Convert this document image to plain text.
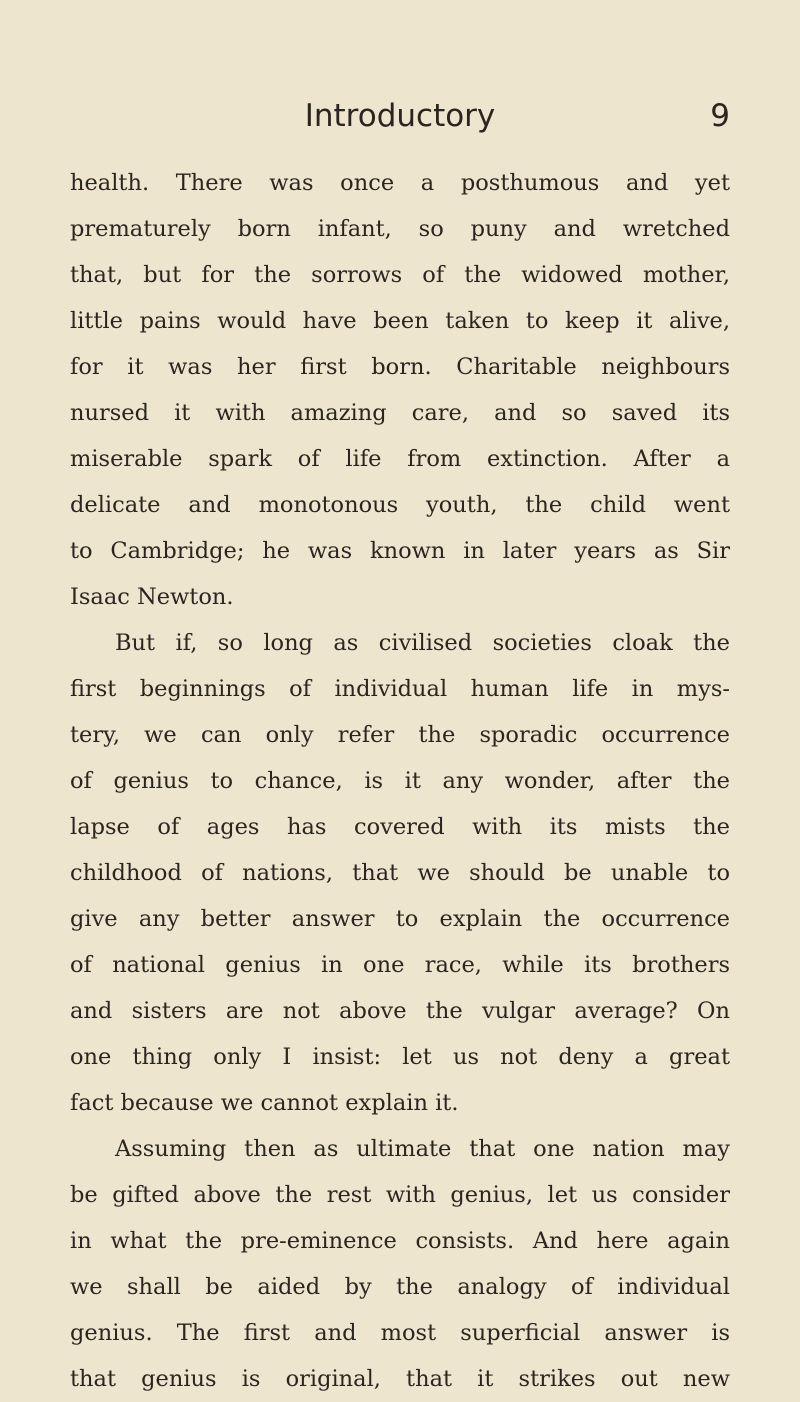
Introductory	9
health. There was once a posthumous and yet
prematurely born infant, so puny and wretched
that, but for the sorrows of the widowed mother,
little pains would have been taken to keep it alive,
for it was her first born. Charitable neighbours
nursed it with amazing care, and so saved its
miserable spark of life from extinction. After a
delicate and monotonous youth, the child went
to Cambridge; he was known in later years as Sir
Isaac Newton.
But if, so long as civilised societies cloak the
first beginnings of individual human life in mys-
tery, we can only refer the sporadic occurrence
of genius to chance, is it any wonder, after the
lapse of ages has covered with its mists the
childhood of nations, that we should be unable to
give any better answer to explain the occurrence
of national genius in one race, while its brothers
and sisters are not above the vulgar average? On
one thing only I insist: let us not deny a great
fact because we cannot explain it.
Assuming then as ultimate that one nation may
be gifted above the rest with genius, let us consider
in what the pre-eminence consists. And here again
we shall be aided by the analogy of individual
genius. The first and most superficial answer is
that genius is original, that it strikes out new
